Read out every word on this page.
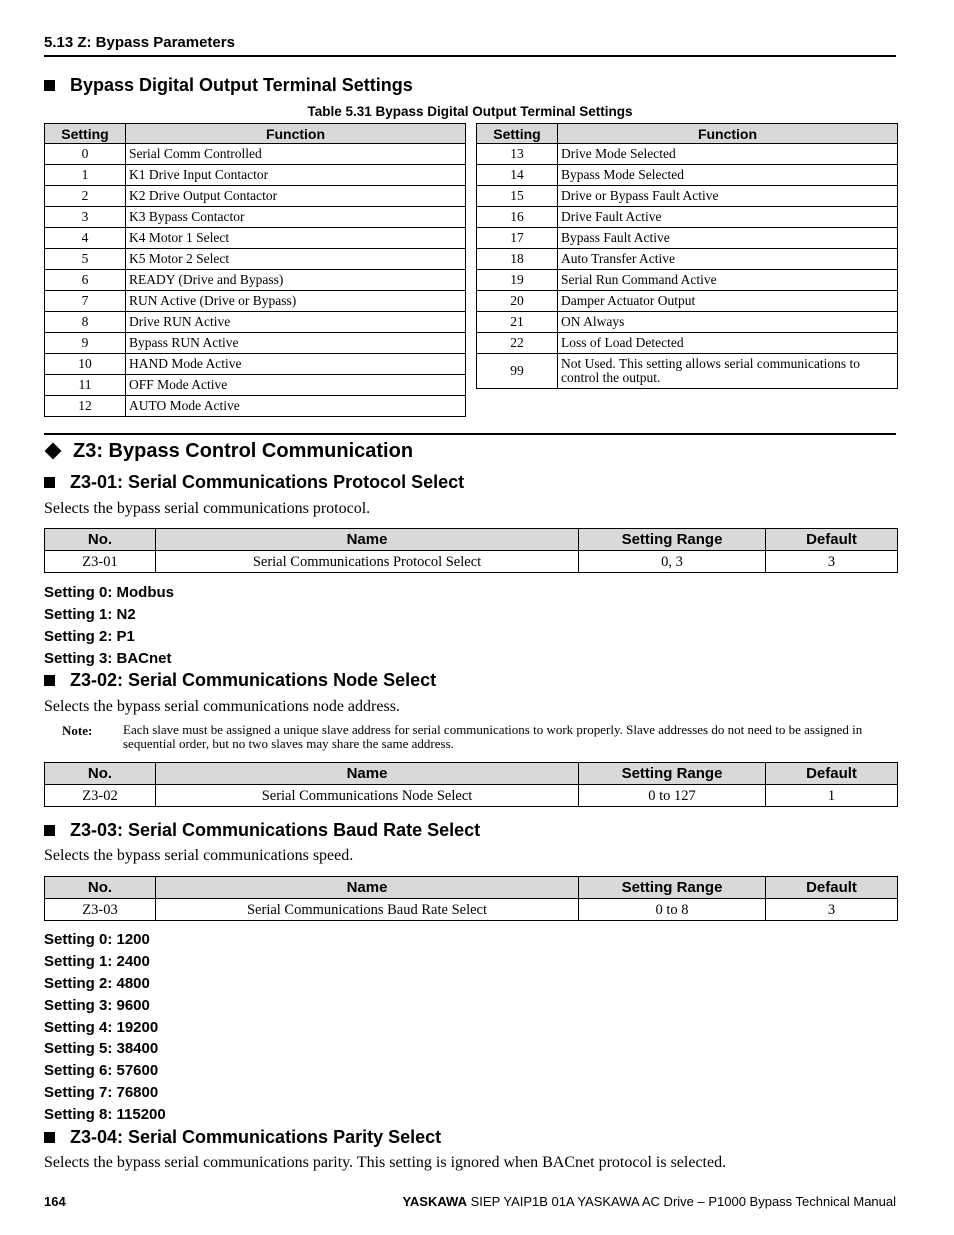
5.13 Z: Bypass Parameters
Bypass Digital Output Terminal Settings
Table 5.31 Bypass Digital Output Terminal Settings
Setting	Function
0	Serial Comm Controlled
1	K1 Drive Input Contactor
2	K2 Drive Output Contactor
3	K3 Bypass Contactor
4	K4 Motor 1 Select
5	K5 Motor 2 Select
6	READY (Drive and Bypass)
7	RUN Active (Drive or Bypass)
8	Drive RUN Active
9	Bypass RUN Active
10	HAND Mode Active
11	OFF Mode Active
12	AUTO Mode Active
Setting	Function
13	Drive Mode Selected
14	Bypass Mode Selected
15	Drive or Bypass Fault Active
16	Drive Fault Active
17	Bypass Fault Active
18	Auto Transfer Active
19	Serial Run Command Active
20	Damper Actuator Output
21	ON Always
22	Loss of Load Detected
99	Not Used. This setting allows serial communications to control the output.
Z3: Bypass Control Communication
Z3-01: Serial Communications Protocol Select
Selects the bypass serial communications protocol.
No.	Name	Setting Range	Default
Z3-01	Serial Communications Protocol Select	0, 3	3
Setting 0: Modbus
Setting 1: N2
Setting 2: P1
Setting 3: BACnet
Z3-02: Serial Communications Node Select
Selects the bypass serial communications node address.
Note: Each slave must be assigned a unique slave address for serial communications to work properly. Slave addresses do not need to be assigned in sequential order, but no two slaves may share the same address.
No.	Name	Setting Range	Default
Z3-02	Serial Communications Node Select	0 to 127	1
Z3-03: Serial Communications Baud Rate Select
Selects the bypass serial communications speed.
No.	Name	Setting Range	Default
Z3-03	Serial Communications Baud Rate Select	0 to 8	3
Setting 0: 1200
Setting 1: 2400
Setting 2: 4800
Setting 3: 9600
Setting 4: 19200
Setting 5: 38400
Setting 6: 57600
Setting 7: 76800
Setting 8: 115200
Z3-04: Serial Communications Parity Select
Selects the bypass serial communications parity. This setting is ignored when BACnet protocol is selected.
164	YASKAWA SIEP YAIP1B 01A YASKAWA AC Drive – P1000 Bypass Technical Manual
